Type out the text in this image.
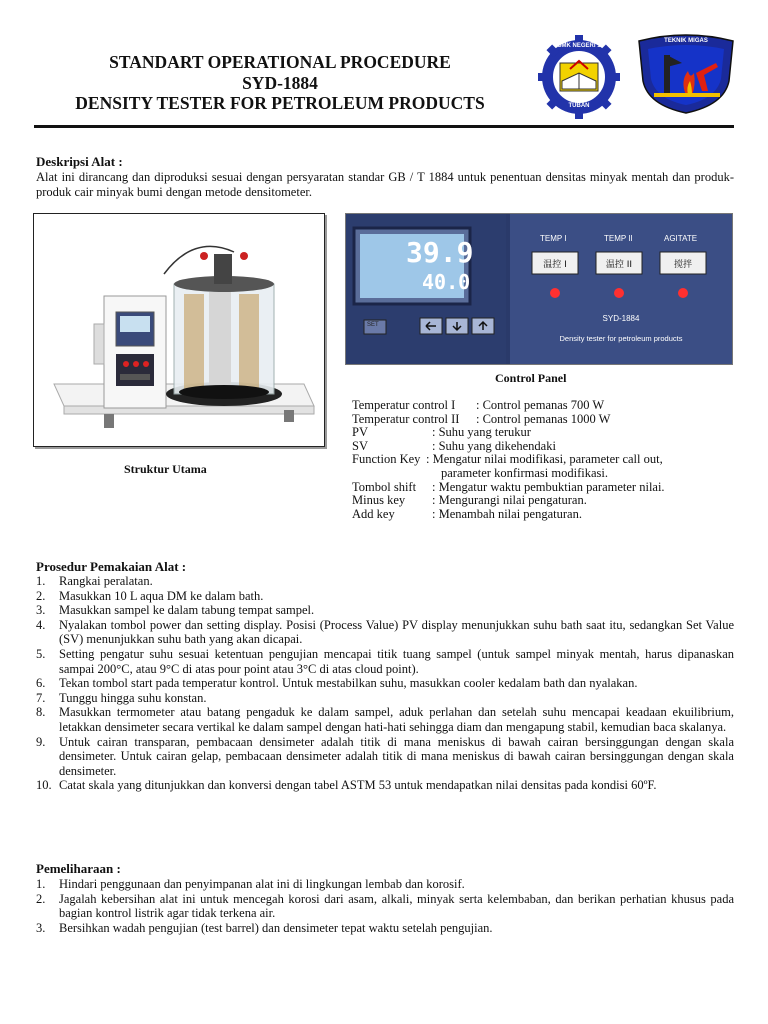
STANDART OPERATIONAL PROCEDURE
SYD-1884
DENSITY TESTER FOR PETROLEUM PRODUCTS
SMK NEGERI 1
TUBAN
TEKNIK MIGAS
Deskripsi Alat :
Alat ini dirancang dan diproduksi sesuai dengan persyaratan standar GB / T 1884 untuk penentuan densitas minyak mentah dan produk-produk cair minyak bumi dengan metode densitometer.
Struktur Utama
39.9
40.0
SET
TEMP I	TEMP II	AGITATE
温控 I	温控 II	搅拌
SYD-1884
Density tester for petroleum products
Control Panel
Temperatur control I	: Control pemanas 700 W
Temperatur control II	: Control pemanas 1000 W
PV	: Suhu yang terukur
SV	: Suhu yang dikehendaki
Function Key : Mengatur nilai modifikasi, parameter call out,
parameter konfirmasi modifikasi.
Tombol shift	: Mengatur waktu pembuktian parameter nilai.
Minus key	: Mengurangi nilai pengaturan.
Add key	: Menambah nilai pengaturan.
Prosedur Pemakaian Alat :
1.	Rangkai peralatan.
2.	Masukkan 10 L aqua DM ke dalam bath.
3.	Masukkan sampel ke dalam tabung tempat sampel.
4.	Nyalakan tombol power dan setting display. Posisi (Process Value) PV display menunjukkan suhu bath saat itu, sedangkan Set Value (SV) menunjukkan suhu bath yang akan dicapai.
5.	Setting pengatur suhu sesuai ketentuan pengujian mencapai titik tuang sampel (untuk sampel minyak mentah, harus dipanaskan sampai 200°C, atau 9°C di atas pour point atau 3°C di atas cloud point).
6.	Tekan tombol start pada temperatur kontrol. Untuk mestabilkan suhu, masukkan cooler kedalam bath dan nyalakan.
7.	Tunggu hingga suhu konstan.
8.	Masukkan termometer atau batang pengaduk ke dalam sampel, aduk perlahan dan setelah suhu mencapai keadaan ekuilibrium, letakkan densimeter secara vertikal ke dalam sampel dengan hati-hati sehingga diam dan mengapung stabil, kemudian baca skalanya.
9.	Untuk cairan transparan, pembacaan densimeter adalah titik di mana meniskus di bawah cairan bersinggungan dengan skala densimeter. Untuk cairan gelap, pembacaan densimeter adalah titik di mana meniskus di bawah cairan bersinggungan dengan skala densimeter.
10. Catat skala yang ditunjukkan dan konversi dengan tabel ASTM 53 untuk mendapatkan nilai densitas pada kondisi 60ºF.
Pemeliharaan :
1.	Hindari penggunaan dan penyimpanan alat ini di lingkungan lembab dan korosif.
2.	Jagalah kebersihan alat ini untuk mencegah korosi dari asam, alkali, minyak serta kelembaban, dan berikan perhatian khusus pada bagian kontrol listrik agar tidak terkena air.
3.	Bersihkan wadah pengujian (test barrel) dan densimeter tepat waktu setelah pengujian.
